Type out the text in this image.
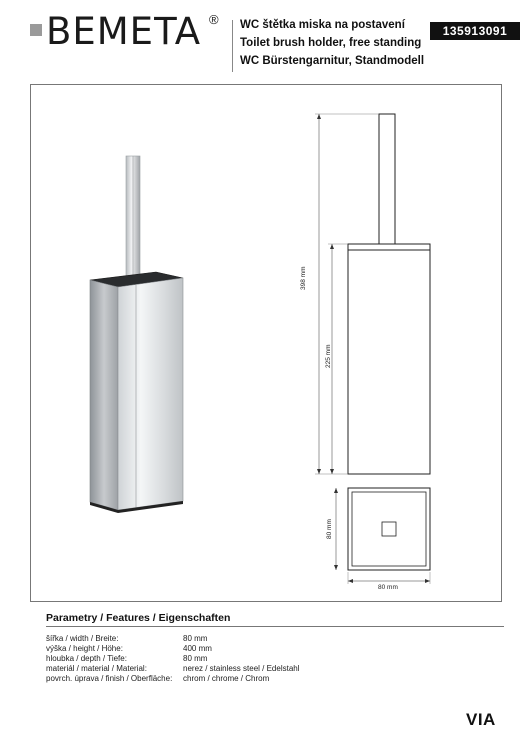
BEMETA ® WC štětka miska na postavení
Toilet brush holder, free standing
WC Bürstengarnitur, Standmodell
135913091
398 mm
225 mm
80 mm
80 mm
Parametry / Features / Eigenschaften
šířka / width / Breite:	80 mm
výška / height / Höhe:	400 mm
hloubka / depth / Tiefe:	80 mm
materiál / material / Material:	nerez / stainless steel / Edelstahl
povrch. úprava / finish / Oberfläche: chrom / chrome / Chrom
VIA
